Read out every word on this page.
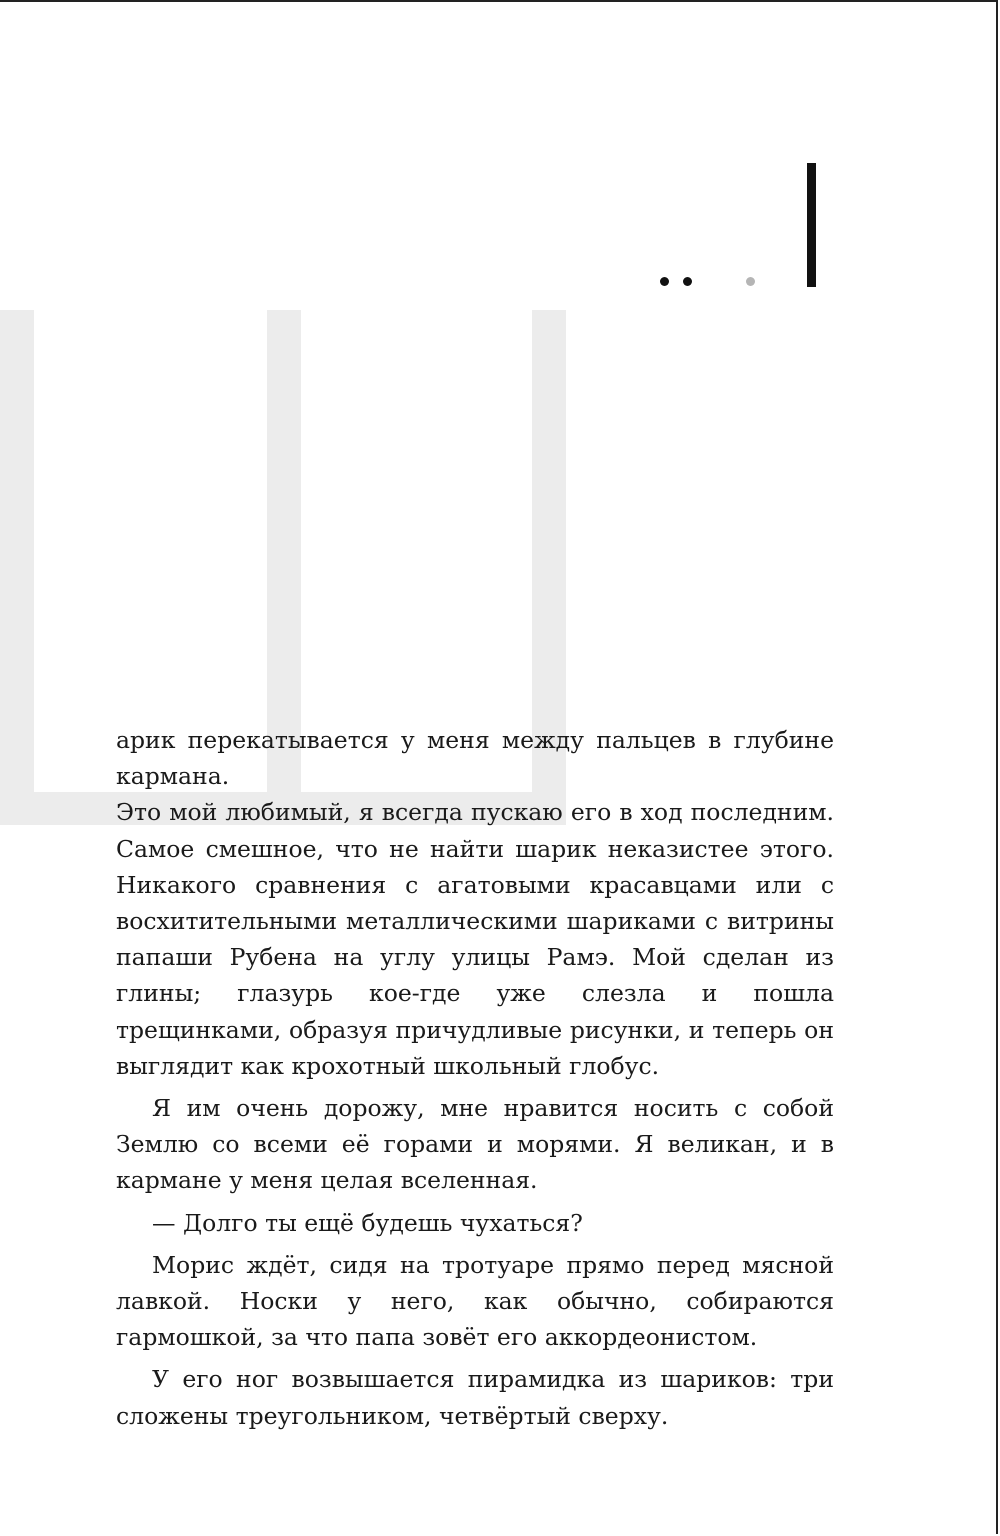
арик перекатывается у меня между пальцев в глубине кармана.

Это мой любимый, я всегда пускаю его в ход последним. Самое смешное, что не найти шарик неказистее этого. Никакого сравнения с агатовыми красавцами или с восхитительными металлическими шариками с витрины папаши Рубена на углу улицы Рамэ. Мой сделан из глины; глазурь кое-где уже слезла и пошла трещинками, образуя причудливые рисунки, и теперь он выглядит как крохотный школьный глобус.

Я им очень дорожу, мне нравится носить с собой Землю со всеми её горами и морями. Я великан, и в кармане у меня целая вселенная.

— Долго ты ещё будешь чухаться?

Морис ждёт, сидя на тротуаре прямо перед мясной лавкой. Носки у него, как обычно, собираются гармошкой, за что папа зовёт его аккордеонистом.

У его ног возвышается пирамидка из шариков: три сложены треугольником, четвёртый сверху.
